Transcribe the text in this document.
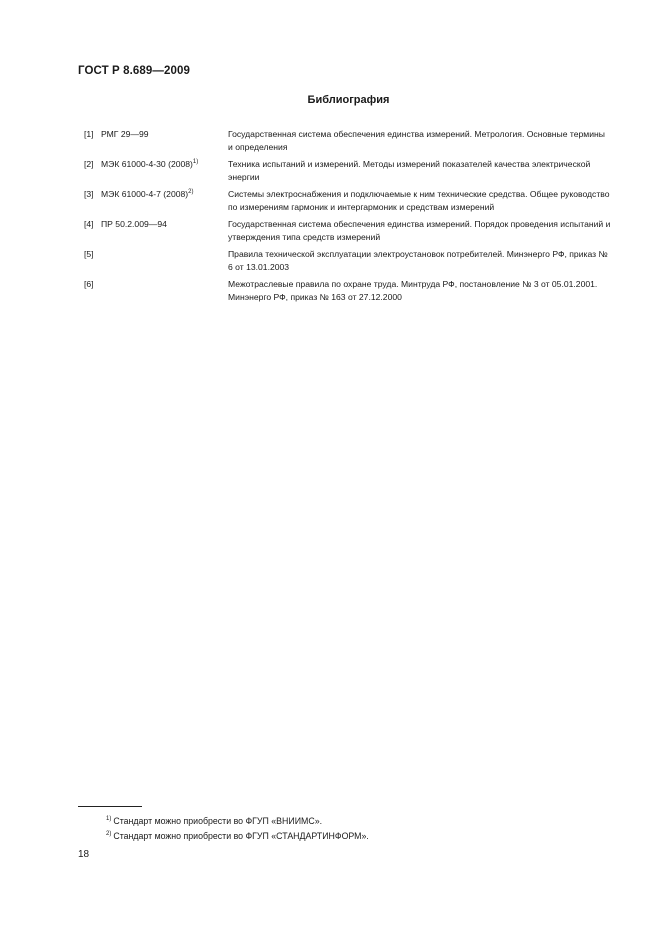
ГОСТ Р 8.689—2009
Библиография
[1] РМГ 29—99	Государственная система обеспечения единства измерений. Метрология. Основные термины и определения
[2] МЭК 61000-4-30 $(2008)^{1)}$	Техника испытаний и измерений. Методы измерений показателей качества электрической энергии
[3] МЭК 61000-4-7 $(2008)^{2)}$	Системы электроснабжения и подключаемые к ним технические средства. Общее руководство по измерениям гармоник и интергармоник и средствам измерений
[4] ПР 50.2.009—94	Государственная система обеспечения единства измерений. Порядок проведения испытаний и утверждения типа средств измерений
[5]	Правила технической эксплуатации электроустановок потребителей. Минэнерго РФ, приказ № 6 от 13.01.2003
[6]	Межотраслевые правила по охране труда. Минтруда РФ, постановление № 3 от 05.01.2001. Минэнерго РФ, приказ № 163 от 27.12.2000
$^{1)}$ Стандарт можно приобрести во ФГУП «ВНИИМС».
$^{2)}$ Стандарт можно приобрести во ФГУП «СТАНДАРТИНФОРМ».
18
